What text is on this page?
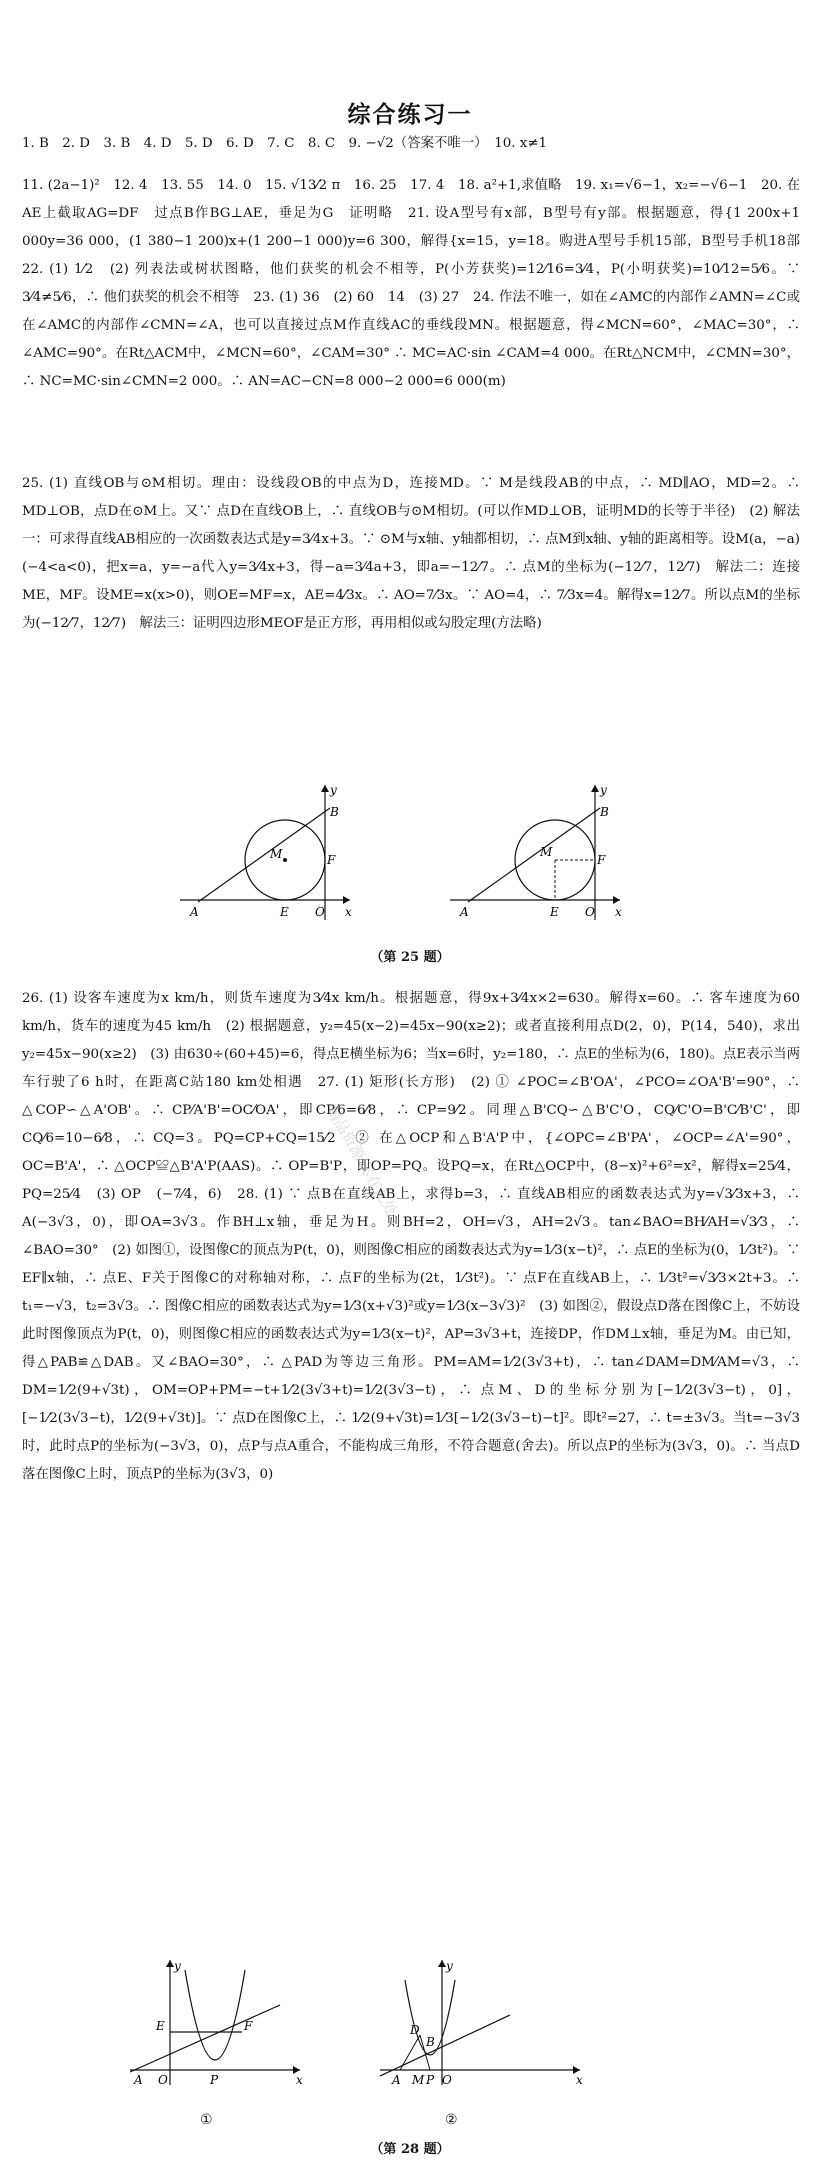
综合练习一

1. B　2. D　3. B　4. D　5. D　6. D　7. C　8. C　9. −√2（答案不唯一）　10. x≠1

11. (2a−1)²　12. 4　13. 55　14. 0　15. √13⁄2 π　16. 25　17. 4　18. a²+1,求值略　19. x₁=√6−1，x₂=−√6−1　20. 在AE上截取AG=DF　过点B作BG⊥AE，垂足为G　证明略　21. 设A型号有x部，B型号有y部。根据题意，得{1 200x+1 000y=36 000，(1 380−1 200)x+(1 200−1 000)y=6 300，解得{x=15，y=18。购进A型号手机15部，B型号手机18部　22. (1) 1⁄2　(2) 列表法或树状图略，他们获奖的机会不相等，P(小芳获奖)=12⁄16=3⁄4，P(小明获奖)=10⁄12=5⁄6。∵ 3⁄4≠5⁄6，∴ 他们获奖的机会不相等　23. (1) 36　(2) 60　14　(3) 27　24. 作法不唯一，如在∠AMC的内部作∠AMN=∠C或在∠AMC的内部作∠CMN=∠A，也可以直接过点M作直线AC的垂线段MN。根据题意，得∠MCN=60°，∠MAC=30°，∴ ∠AMC=90°。在Rt△ACM中，∠MCN=60°，∠CAM=30° ∴ MC=AC·sin ∠CAM=4 000。在Rt△NCM中，∠CMN=30°，∴ NC=MC·sin∠CMN=2 000。∴ AN=AC−CN=8 000−2 000=6 000(m)

25. (1) 直线OB与⊙M相切。理由：设线段OB的中点为D，连接MD。∵ M是线段AB的中点，∴ MD∥AO，MD=2。∴ MD⊥OB，点D在⊙M上。又∵ 点D在直线OB上，∴ 直线OB与⊙M相切。(可以作MD⊥OB，证明MD的长等于半径)　(2) 解法一：可求得直线AB相应的一次函数表达式是y=3⁄4x+3。∵ ⊙M与x轴、y轴都相切，∴ 点M到x轴、y轴的距离相等。设M(a，−a)(−4<a<0)，把x=a，y=−a代入y=3⁄4x+3，得−a=3⁄4a+3，即a=−12⁄7。∴ 点M的坐标为(−12⁄7，12⁄7)　解法二：连接ME，MF。设ME=x(x>0)，则OE=MF=x，AE=4⁄3x。∴ AO=7⁄3x。∵ AO=4，∴ 7⁄3x=4。解得x=12⁄7。所以点M的坐标为(−12⁄7，12⁄7)　解法三：证明四边形MEOF是正方形，再用相似或勾股定理(方法略)

y
B
M	F
A	E O x
y
B
M
F
A	E O x
（第 25 题）

26. (1) 设客车速度为x km/h，则货车速度为3⁄4x km/h。根据题意，得9x+3⁄4x×2=630。解得x=60。∴ 客车速度为60 km/h，货车的速度为45 km/h　(2) 根据题意，y₂=45(x−2)=45x−90(x≥2)；或者直接利用点D(2，0)，P(14，540)，求出y₂=45x−90(x≥2)　(3) 由630÷(60+45)=6，得点E横坐标为6；当x=6时，y₂=180，∴ 点E的坐标为(6，180)。点E表示当两车行驶了6 h时，在距离C站180 km处相遇　27. (1) 矩形(长方形)　(2) ① ∠POC=∠B'OA'，∠PCO=∠OA'B'=90°，∴ △COP∽△A'OB'。∴ CP⁄A'B'=OC⁄OA'，即CP⁄6=6⁄8，∴ CP=9⁄2。同理△B'CQ∽△B'C'O，CQ⁄C'O=B'C⁄B'C'，即CQ⁄6=10−6⁄8，∴ CQ=3。PQ=CP+CQ=15⁄2　② 在△OCP和△B'A'P中，{∠OPC=∠B'PA'，∠OCP=∠A'=90°，OC=B'A'，∴ △OCP≌△B'A'P(AAS)。∴ OP=B'P，即OP=PQ。设PQ=x，在Rt△OCP中，(8−x)²+6²=x²，解得x=25⁄4，PQ=25⁄4　(3) OP　(−7⁄4，6)　28. (1) ∵ 点B在直线AB上，求得b=3，∴ 直线AB相应的函数表达式为y=√3⁄3x+3，∴ A(−3√3，0)，即OA=3√3。作BH⊥x轴，垂足为H。则BH=2，OH=√3，AH=2√3。tan∠BAO=BH⁄AH=√3⁄3，∴ ∠BAO=30°　(2) 如图①，设图像C的顶点为P(t，0)，则图像C相应的函数表达式为y=1⁄3(x−t)²，∴ 点E的坐标为(0，1⁄3t²)。∵ EF∥x轴，∴ 点E、F关于图像C的对称轴对称，∴ 点F的坐标为(2t，1⁄3t²)。∵ 点F在直线AB上，∴ 1⁄3t²=√3⁄3×2t+3。∴ t₁=−√3，t₂=3√3。∴ 图像C相应的函数表达式为y=1⁄3(x+√3)²或y=1⁄3(x−3√3)²　(3) 如图②，假设点D落在图像C上，不妨设此时图像顶点为P(t，0)，则图像C相应的函数表达式为y=1⁄3(x−t)²，AP=3√3+t，连接DP，作DM⊥x轴，垂足为M。由已知，得△PAB≌△DAB。又∠BAO=30°，∴ △PAD为等边三角形。PM=AM=1⁄2(3√3+t)，∴ tan∠DAM=DM⁄AM=√3，∴ DM=1⁄2(9+√3t)，OM=OP+PM=−t+1⁄2(3√3+t)=1⁄2(3√3−t)，∴ 点M、D的坐标分别为[−1⁄2(3√3−t)，0]，[−1⁄2(3√3−t)，1⁄2(9+√3t)]。∵ 点D在图像C上，∴ 1⁄2(9+√3t)=1⁄3[−1⁄2(3√3−t)−t]²。即t²=27，∴ t=±3√3。当t=−3√3时，此时点P的坐标为(−3√3，0)，点P与点A重合，不能构成三角形，不符合题意(舍去)。所以点P的坐标为(3√3，0)。∴ 当点D落在图像C上时，顶点P的坐标为(3√3，0)

y
E	F
A O	P	x
y
D
B
A M P O	x
①	②
（第 28 题）
精品资源 尽在此处
